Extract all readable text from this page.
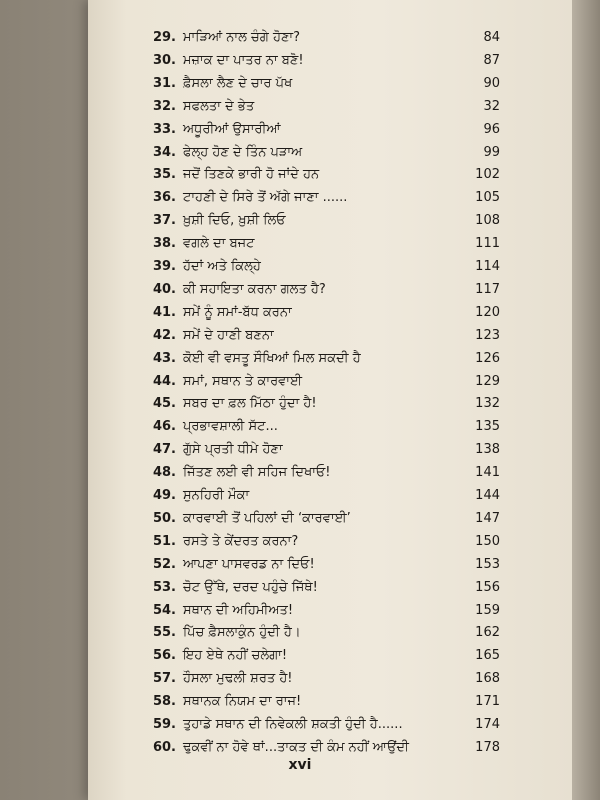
29. ਮਾੜਿਆਂ ਨਾਲ ਚੰਗੇ ਹੋਣਾ?	84
30. ਮਜ਼ਾਕ ਦਾ ਪਾਤਰ ਨਾ ਬਣੋ!	87
31. ਫ਼ੈਸਲਾ ਲੈਣ ਦੇ ਚਾਰ ਪੱਖ	90
32. ਸਫਲਤਾ ਦੇ ਭੇਤ	32
33. ਅਧੂਰੀਆਂ ਉਸਾਰੀਆਂ	96
34. ਫੇਲ੍ਹ ਹੋਣ ਦੇ ਤਿੰਨ ਪੜਾਅ	99
35. ਜਦੋਂ ਤਿਣਕੇ ਭਾਰੀ ਹੋ ਜਾਂਦੇ ਹਨ	102
36. ਟਾਹਣੀ ਦੇ ਸਿਰੇ ਤੋਂ ਅੱਗੇ ਜਾਣਾ ......	105
37. ਖ਼ੁਸ਼ੀ ਦਿਓ, ਖ਼ੁਸ਼ੀ ਲਿਓ	108
38. ਵਗਲੇ ਦਾ ਬਜਟ	111
39. ਹੱਦਾਂ ਅਤੇ ਕਿਲ੍ਹੇ	114
40. ਕੀ ਸਹਾਇਤਾ ਕਰਨਾ ਗਲਤ ਹੈ?	117
41. ਸਮੇਂ ਨੂੰ ਸਮਾਂ-ਬੱਧ ਕਰਨਾ	120
42. ਸਮੇਂ ਦੇ ਹਾਣੀ ਬਣਨਾ	123
43. ਕੋਈ ਵੀ ਵਸਤੂ ਸੌਖਿਆਂ ਮਿਲ ਸਕਦੀ ਹੈ	126
44. ਸਮਾਂ, ਸਥਾਨ ਤੇ ਕਾਰਵਾਈ	129
45. ਸਬਰ ਦਾ ਫ਼ਲ ਮਿੱਠਾ ਹੁੰਦਾ ਹੈ!	132
46. ਪ੍ਰਭਾਵਸ਼ਾਲੀ ਸੱਟ...	135
47. ਗੁੱਸੇ ਪ੍ਰਤੀ ਧੀਮੇ ਹੋਣਾ	138
48. ਜਿੱਤਣ ਲਈ ਵੀ ਸਹਿਜ ਦਿਖਾਓ!	141
49. ਸੁਨਹਿਰੀ ਮੌਕਾ	144
50. ਕਾਰਵਾਈ ਤੋਂ ਪਹਿਲਾਂ ਦੀ ‘ਕਾਰਵਾਈ’	147
51. ਰਸਤੇ ਤੇ ਕੇਂਦਰਤ ਕਰਨਾ?	150
52. ਆਪਣਾ ਪਾਸਵਰਡ ਨਾ ਦਿਓ!	153
53. ਚੋਟ ਉੱਥੇ, ਦਰਦ ਪਹੁੰਚੇ ਜਿੱਥੇ!	156
54. ਸਥਾਨ ਦੀ ਅਹਿਮੀਅਤ!	159
55. ਪਿੱਚ ਫ਼ੈਸਲਾਕੁੰਨ ਹੁੰਦੀ ਹੈ।	162
56. ਇਹ ਏਥੇ ਨਹੀਂ ਚਲੇਗਾ!	165
57. ਹੌਸਲਾ ਮੁਢਲੀ ਸ਼ਰਤ ਹੈ!	168
58. ਸਥਾਨਕ ਨਿਯਮ ਦਾ ਰਾਜ!	171
59. ਤੁਹਾਡੇ ਸਥਾਨ ਦੀ ਨਿਵੇਕਲੀ ਸ਼ਕਤੀ ਹੁੰਦੀ ਹੈ......	174
60. ਢੁਕਵੀਂ ਨਾ ਹੋਵੇ ਥਾਂ...ਤਾਕਤ ਦੀ ਕੰਮ ਨਹੀਂ ਆਉਂਦੀ	178
xvi
